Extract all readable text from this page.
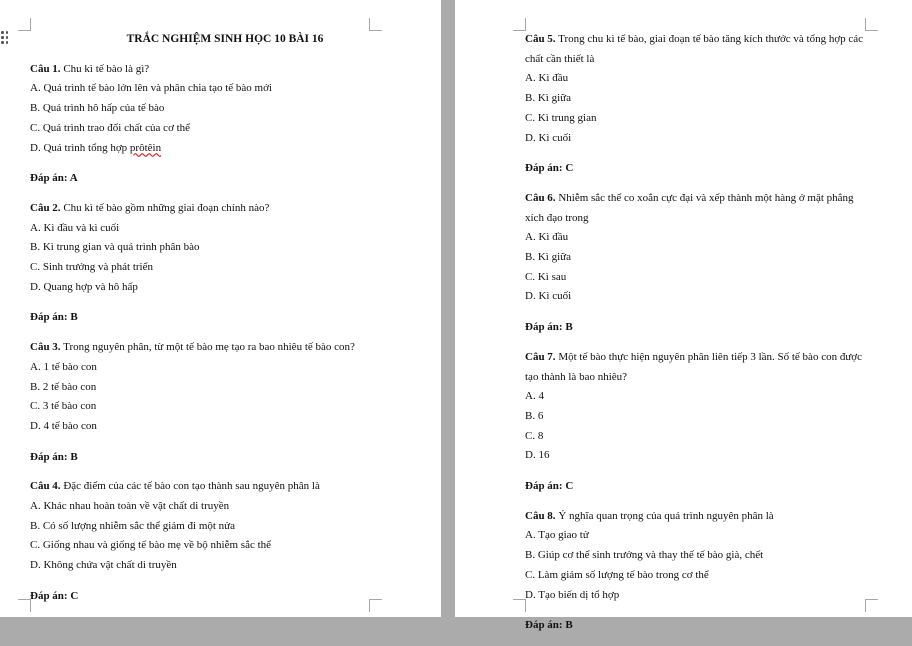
TRẮC NGHIỆM SINH HỌC 10 BÀI 16

Câu 1. Chu kì tế bào là gì?

A. Quá trình tế bào lớn lên và phân chia tạo tế bào mới

B. Quá trình hô hấp của tế bào

C. Quá trình trao đổi chất của cơ thể

D. Quá trình tổng hợp prôtêin

Đáp án: A

Câu 2. Chu kì tế bào gồm những giai đoạn chính nào?

A. Kì đầu và kì cuối

B. Kì trung gian và quá trình phân bào

C. Sinh trưởng và phát triển

D. Quang hợp và hô hấp

Đáp án: B

Câu 3. Trong nguyên phân, từ một tế bào mẹ tạo ra bao nhiêu tế bào con?

A. 1 tế bào con

B. 2 tế bào con

C. 3 tế bào con

D. 4 tế bào con

Đáp án: B

Câu 4. Đặc điểm của các tế bào con tạo thành sau nguyên phân là

A. Khác nhau hoàn toàn về vật chất di truyền

B. Có số lượng nhiễm sắc thể giảm đi một nửa

C. Giống nhau và giống tế bào mẹ về bộ nhiễm sắc thể

D. Không chứa vật chất di truyền

Đáp án: C

Câu 5. Trong chu kì tế bào, giai đoạn tế bào tăng kích thước và tổng hợp các chất cần thiết là

A. Kì đầu

B. Kì giữa

C. Kì trung gian

D. Kì cuối

Đáp án: C

Câu 6. Nhiễm sắc thể co xoắn cực đại và xếp thành một hàng ở mặt phẳng xích đạo trong

A. Kì đầu

B. Kì giữa

C. Kì sau

D. Kì cuối

Đáp án: B

Câu 7. Một tế bào thực hiện nguyên phân liên tiếp 3 lần. Số tế bào con được tạo thành là bao nhiêu?

A. 4

B. 6

C. 8

D. 16

Đáp án: C

Câu 8. Ý nghĩa quan trọng của quá trình nguyên phân là

A. Tạo giao tử

B. Giúp cơ thể sinh trưởng và thay thế tế bào già, chết

C. Làm giảm số lượng tế bào trong cơ thể

D. Tạo biến dị tổ hợp

Đáp án: B
